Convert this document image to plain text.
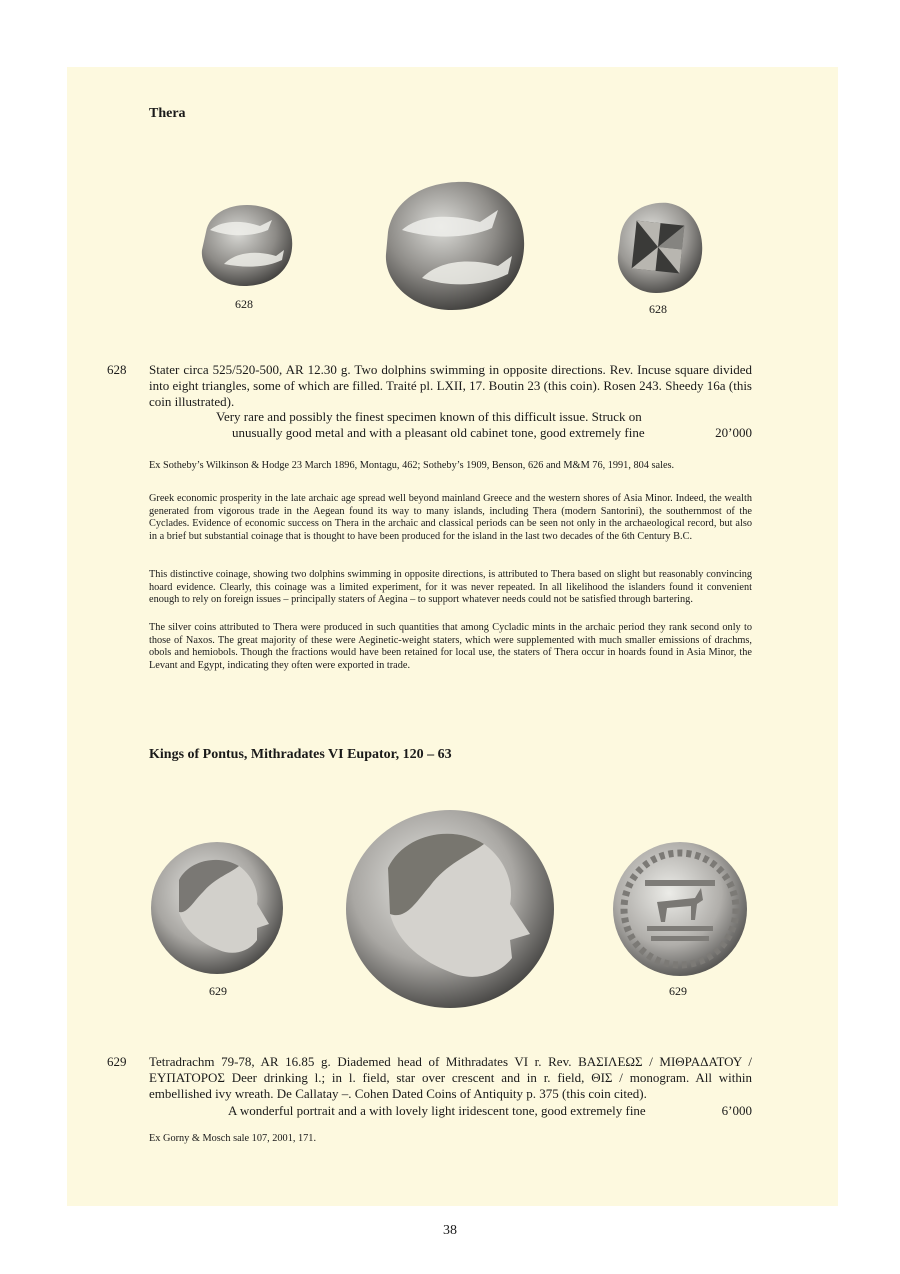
Thera
628	628
628 Stater circa 525/520-500, AR 12.30 g. Two dolphins swimming in opposite directions. Rev. Incuse square divided into eight triangles, some of which are filled. Traité pl. LXII, 17. Boutin 23 (this coin). Rosen 243. Sheedy 16a (this coin illustrated).
Very rare and possibly the finest specimen known of this difficult issue. Struck on
unusually good metal and with a pleasant old cabinet tone, good extremely fine	20’000
Ex Sotheby’s Wilkinson & Hodge 23 March 1896, Montagu, 462; Sotheby’s 1909, Benson, 626 and M&M 76, 1991, 804 sales.
Greek economic prosperity in the late archaic age spread well beyond mainland Greece and the western shores of Asia Minor. Indeed, the wealth generated from vigorous trade in the Aegean found its way to many islands, including Thera (modern Santorini), the southernmost of the Cyclades. Evidence of economic success on Thera in the archaic and classical periods can be seen not only in the archaeological record, but also in a brief but substantial coinage that is thought to have been produced for the island in the last two decades of the 6th Century B.C.
This distinctive coinage, showing two dolphins swimming in opposite directions, is attributed to Thera based on slight but reasonably convincing hoard evidence. Clearly, this coinage was a limited experiment, for it was never repeated. In all likelihood the islanders found it convenient enough to rely on foreign issues – principally staters of Aegina – to support whatever needs could not be satisfied through bartering.
The silver coins attributed to Thera were produced in such quantities that among Cycladic mints in the archaic period they rank second only to those of Naxos. The great majority of these were Aeginetic-weight staters, which were supplemented with much smaller emissions of drachms, obols and hemiobols. Though the fractions would have been retained for local use, the staters of Thera occur in hoards found in Asia Minor, the Levant and Egypt, indicating they often were exported in trade.
Kings of Pontus, Mithradates VI Eupator, 120 – 63
629	629
629 Tetradrachm 79-78, AR 16.85 g. Diademed head of Mithradates VI r. Rev. ΒΑΣΙΛΕΩΣ / ΜΙΘΡΑΔΑΤΟΥ / ΕΥΠΑΤΟΡΟΣ Deer drinking l.; in l. field, star over crescent and in r. field, ΘΙΣ / monogram. All within embellished ivy wreath. De Callatay –. Cohen Dated Coins of Antiquity p. 375 (this coin cited).
A wonderful portrait and a with lovely light iridescent tone, good extremely fine	6’000
Ex Gorny & Mosch sale 107, 2001, 171.
38
